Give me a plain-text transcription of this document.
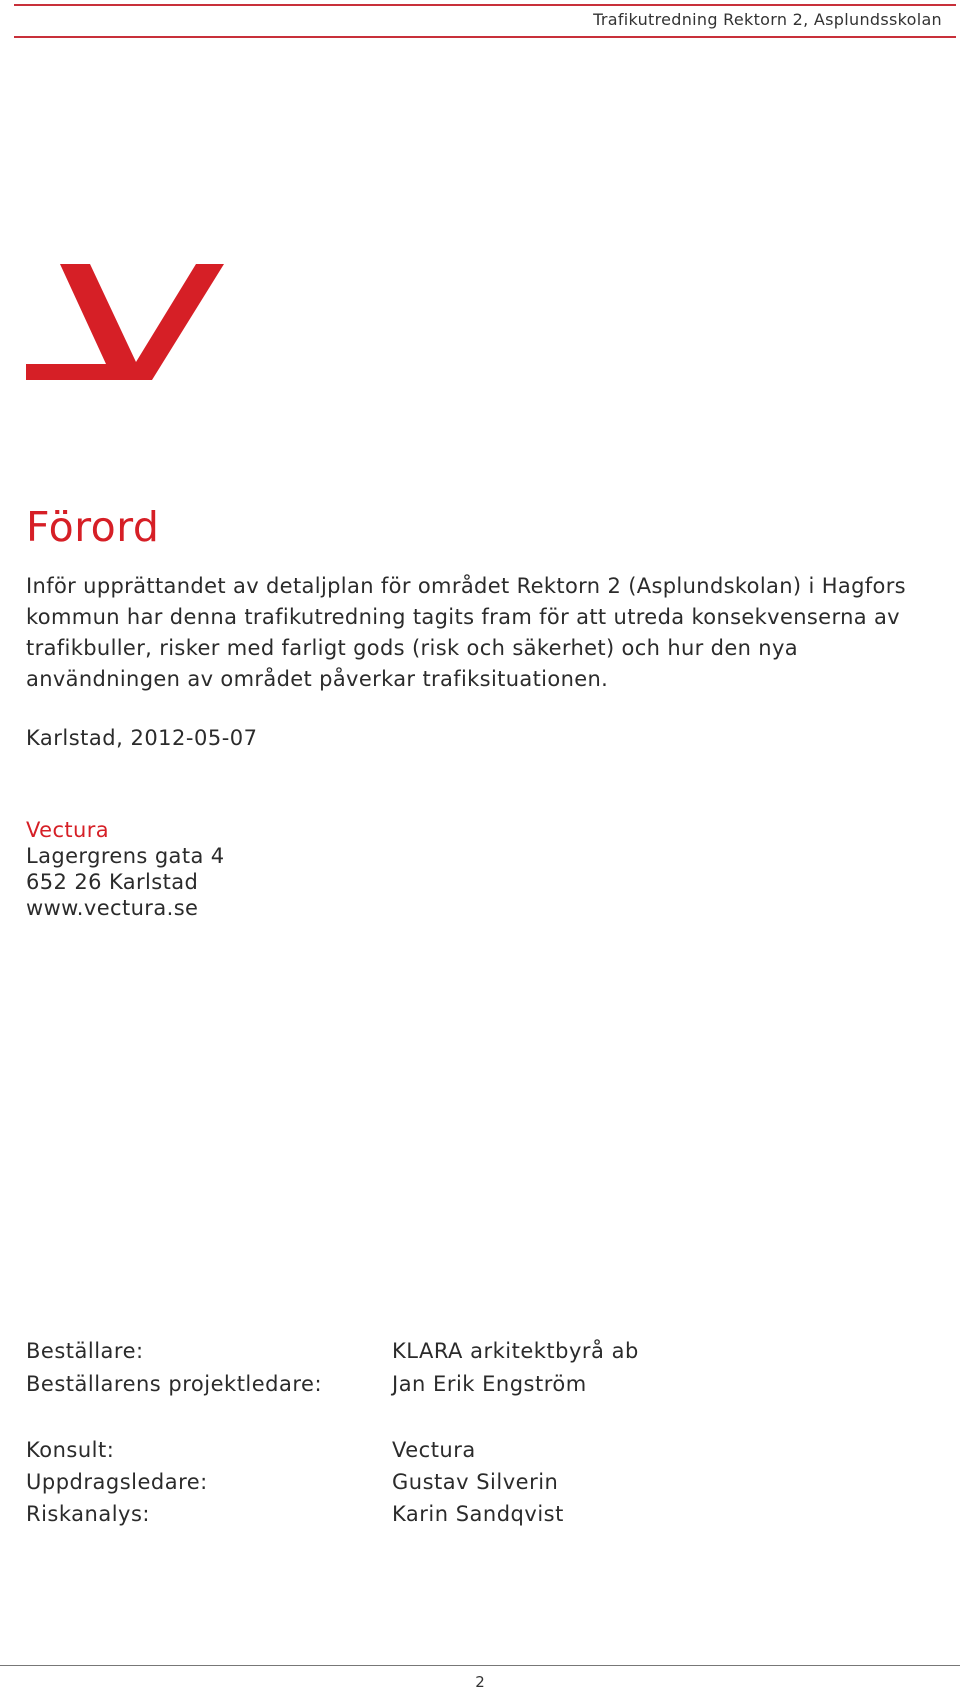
Trafikutredning Rektorn 2, Asplundsskolan
Förord

Inför upprättandet av detaljplan för området Rektorn 2 (Asplundskolan) i Hagfors kommun har denna trafikutredning tagits fram för att utreda konsekvenserna av trafikbuller, risker med farligt gods (risk och säkerhet) och hur den nya användningen av området påverkar trafiksituationen.

Karlstad, 2012-05-07
Vectura
Lagergrens gata 4
652 26 Karlstad
www.vectura.se
Beställare:	KLARA arkitektbyrå ab
Beställarens projektledare:	Jan Erik Engström
Konsult:	Vectura
Uppdragsledare:	Gustav Silverin
Riskanalys:	Karin Sandqvist
2
